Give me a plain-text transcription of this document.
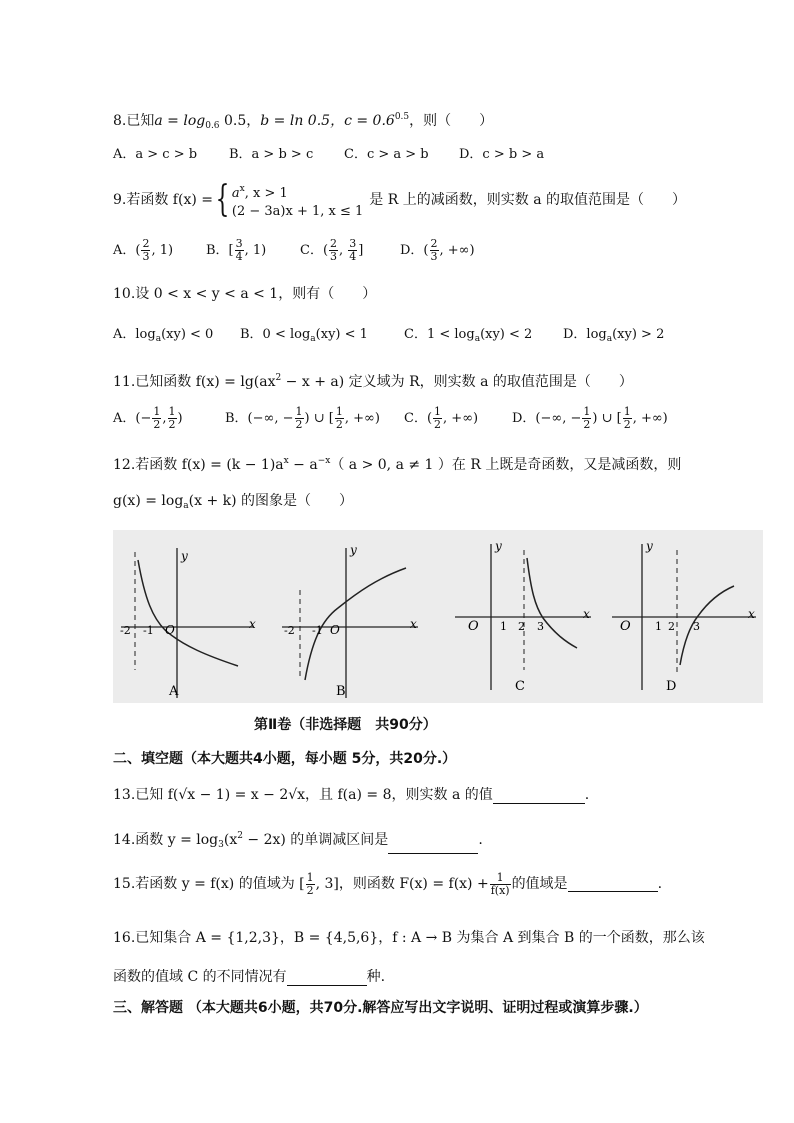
8.已知$a = \log_{0.6} 0.5$，b = ln 0.5，$c = 0.6^{0.5}$，则（　　）
A．a > c > b B．a > b > c C．c > a > b D．c > b > a
9. 若函数 f(x) = { $a^x$, x > 1
(2 − 3a)x + 1, x ≤ 1
是 R 上的减函数，则实数 a 的取值范围是（　　）
A．( $\frac{2}{3}$ , 1)	B．[ $\frac{3}{4}$ , 1)	C．( $\frac{2}{3}$ , $\frac{3}{4}$ ]	D．( $\frac{2}{3}$ , +∞)
10.设 0 < x < y < a < 1，则有（　　）
A．$\log_a(xy) < 0$ B．$0 < \log_a(xy) < 1$	C．$1 < \log_a(xy) < 2$ D．$\log_a(xy) > 2$
11.已知函数 $f(x) = \lg(ax^2 - x + a)$ 定义域为 R，则实数 a 的取值范围是（　　）
A．(− $\frac{1}{2}$ , $\frac{1}{2}$ )	B．(−∞, − $\frac{1}{2}$ ) ∪ [ $\frac{1}{2}$ , +∞) C．( $\frac{1}{2}$ , +∞)	D．(−∞, − $\frac{1}{2}$ ) ∪ [ $\frac{1}{2}$ , +∞)
12.若函数 $f(x) = (k - 1)a^x - a^{-x}$（ a > 0, a ≠ 1 ）在 R 上既是奇函数，又是减函数，则
$g(x) = \log_a(x + k)$ 的图象是（　　）
x
y
-2 -1 O
A
x
y
-2 -1 O
B
x
y
O 1 2 3
C
x
y
O 1 2 3
D
第Ⅱ卷（非选择题　共90分）
二、填空题（本大题共4小题，每小题 5分，共20分.）
13.已知 f(√x − 1) = x − 2√x，且 f(a) = 8，则实数 a 的值	.
14.函数 $y = \log_3(x^2 - 2x)$ 的单调减区间是	.
15.若函数 y = f(x) 的值域为 [ $\frac{1}{2}$ , 3]，则函数 $F(x) = f(x) + \frac{1}{f(x)}$ 的值域是	.
16.已知集合 A = {1,2,3}，B = {4,5,6}，f : A → B 为集合 A 到集合 B 的一个函数，那么该
函数的值域 C 的不同情况有	种.
三、解答题 （本大题共6小题，共70分.解答应写出文字说明、证明过程或演算步骤.）
